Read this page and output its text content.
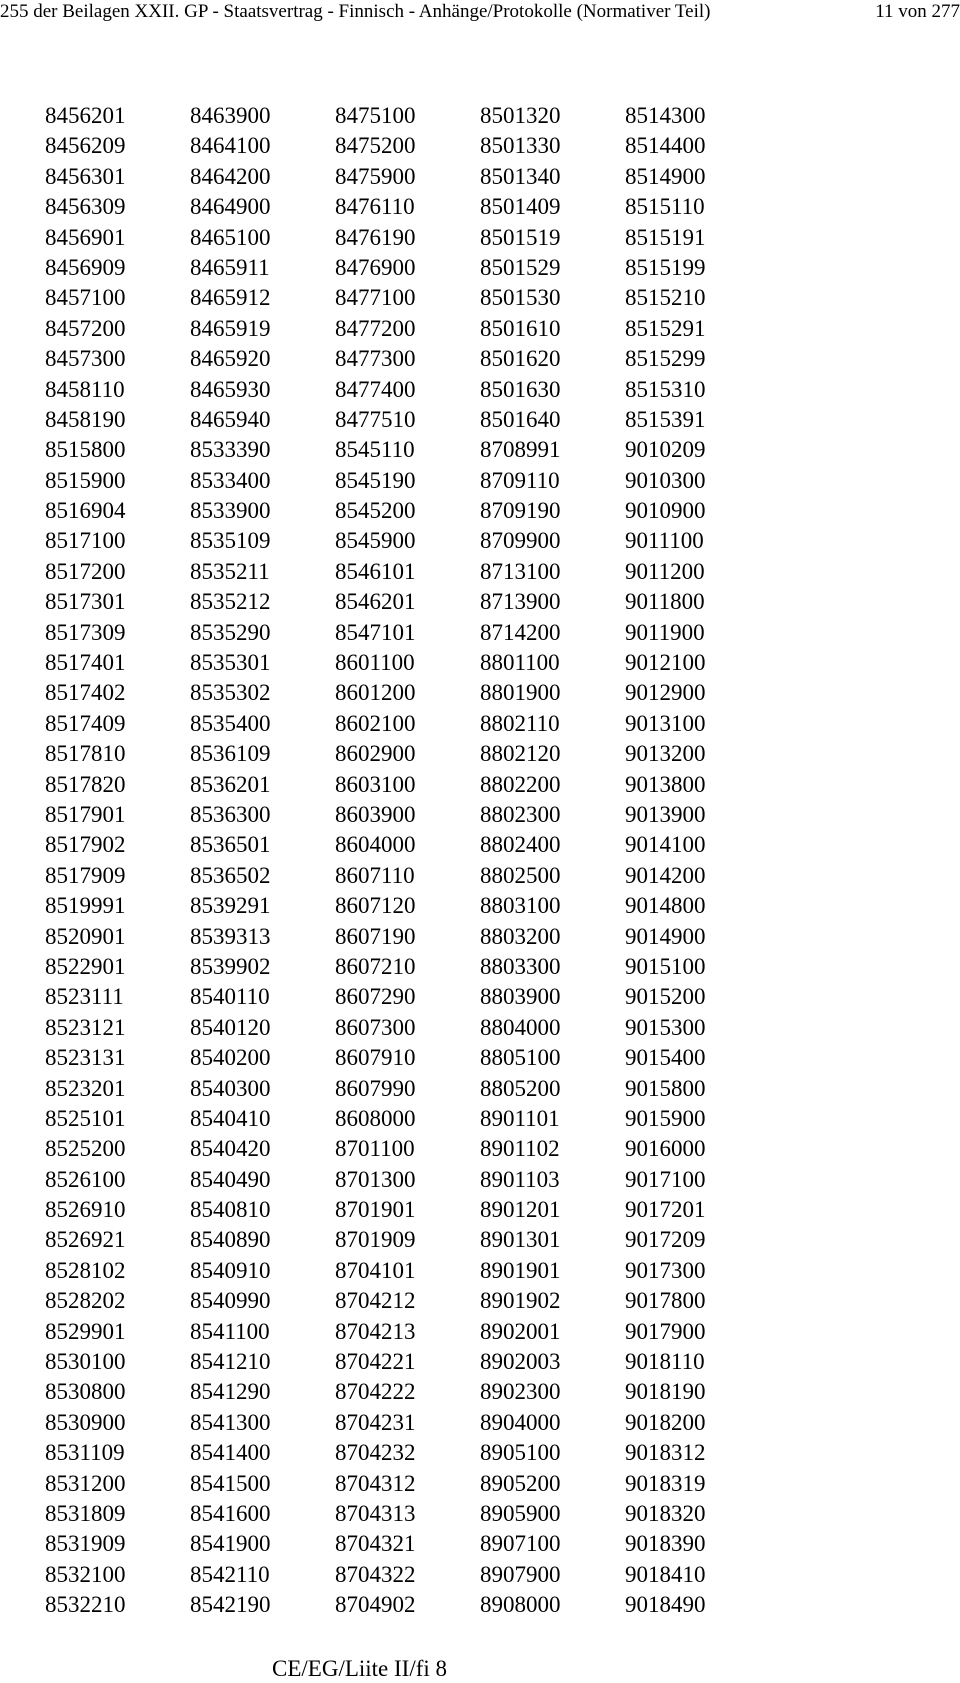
255 der Beilagen XXII. GP - Staatsvertrag - Finnisch - Anhänge/Protokolle (Normativer Teil)	11 von 277
8456201
8456209
8456301
8456309
8456901
8456909
8457100
8457200
8457300
8458110
8458190
8515800
8515900
8516904
8517100
8517200
8517301
8517309
8517401
8517402
8517409
8517810
8517820
8517901
8517902
8517909
8519991
8520901
8522901
8523111
8523121
8523131
8523201
8525101
8525200
8526100
8526910
8526921
8528102
8528202
8529901
8530100
8530800
8530900
8531109
8531200
8531809
8531909
8532100
8532210
8463900
8464100
8464200
8464900
8465100
8465911
8465912
8465919
8465920
8465930
8465940
8533390
8533400
8533900
8535109
8535211
8535212
8535290
8535301
8535302
8535400
8536109
8536201
8536300
8536501
8536502
8539291
8539313
8539902
8540110
8540120
8540200
8540300
8540410
8540420
8540490
8540810
8540890
8540910
8540990
8541100
8541210
8541290
8541300
8541400
8541500
8541600
8541900
8542110
8542190
8475100
8475200
8475900
8476110
8476190
8476900
8477100
8477200
8477300
8477400
8477510
8545110
8545190
8545200
8545900
8546101
8546201
8547101
8601100
8601200
8602100
8602900
8603100
8603900
8604000
8607110
8607120
8607190
8607210
8607290
8607300
8607910
8607990
8608000
8701100
8701300
8701901
8701909
8704101
8704212
8704213
8704221
8704222
8704231
8704232
8704312
8704313
8704321
8704322
8704902
8501320
8501330
8501340
8501409
8501519
8501529
8501530
8501610
8501620
8501630
8501640
8708991
8709110
8709190
8709900
8713100
8713900
8714200
8801100
8801900
8802110
8802120
8802200
8802300
8802400
8802500
8803100
8803200
8803300
8803900
8804000
8805100
8805200
8901101
8901102
8901103
8901201
8901301
8901901
8901902
8902001
8902003
8902300
8904000
8905100
8905200
8905900
8907100
8907900
8908000
8514300
8514400
8514900
8515110
8515191
8515199
8515210
8515291
8515299
8515310
8515391
9010209
9010300
9010900
9011100
9011200
9011800
9011900
9012100
9012900
9013100
9013200
9013800
9013900
9014100
9014200
9014800
9014900
9015100
9015200
9015300
9015400
9015800
9015900
9016000
9017100
9017201
9017209
9017300
9017800
9017900
9018110
9018190
9018200
9018312
9018319
9018320
9018390
9018410
9018490
CE/EG/Liite II/fi 8
